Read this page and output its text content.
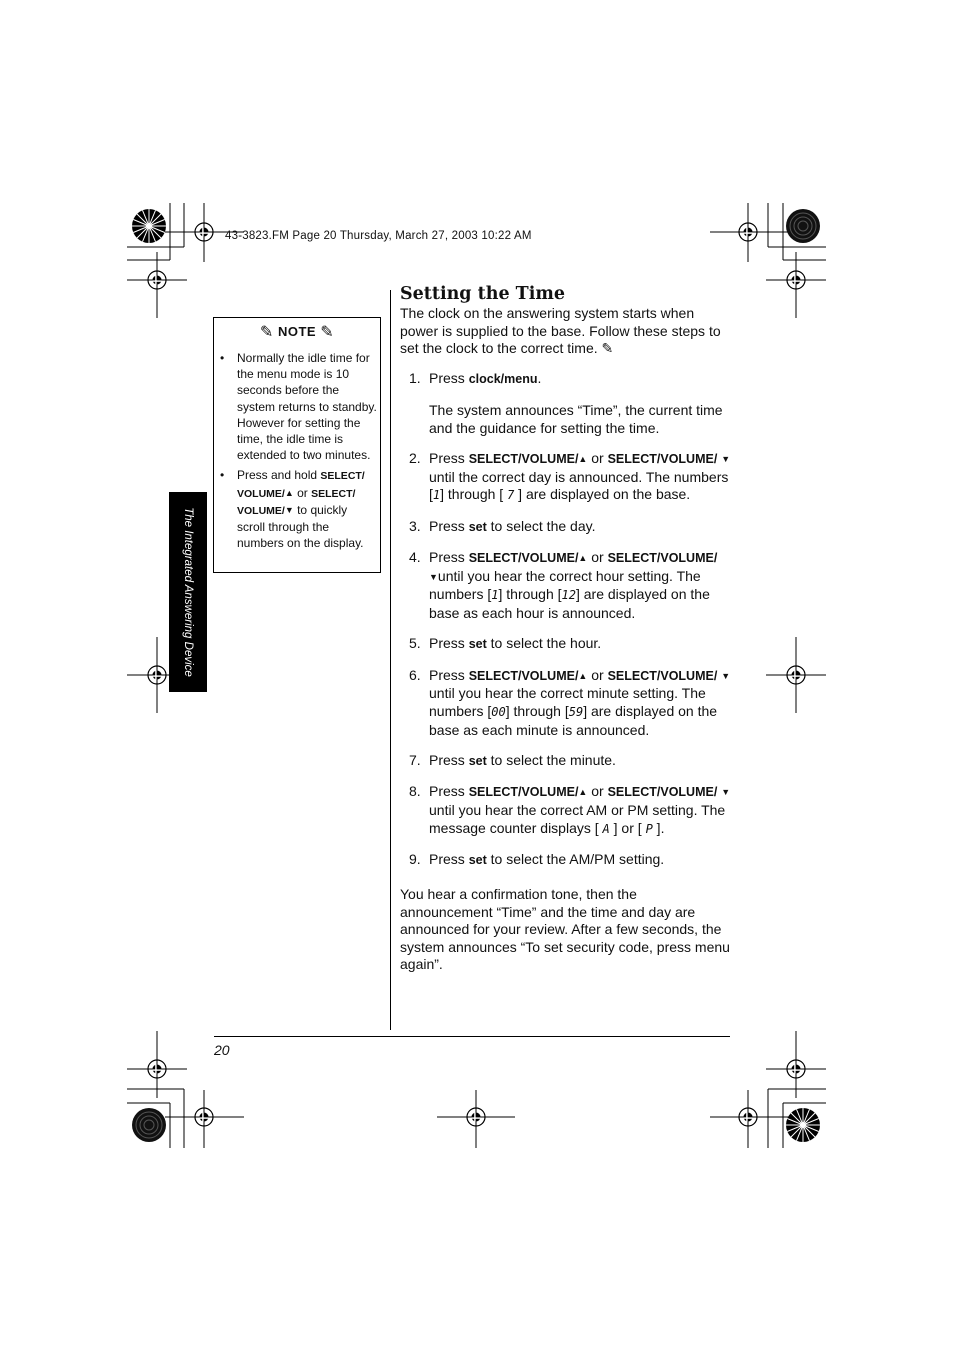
43-3823.FM Page 20 Thursday, March 27, 2003 10:22 AM
The Integrated Answering Device
✎ NOTE ✎
• Normally the idle time for the menu mode is 10 seconds before the system returns to standby. However for setting the time, the idle time is extended to two minutes.
• Press and hold SELECT/ VOLUME/▲ or SELECT/ VOLUME/▼ to quickly scroll through the numbers on the display.
Setting the Time
The clock on the answering system starts when power is supplied to the base. Follow these steps to set the clock to the correct time. ✎
1. Press clock/menu.

The system announces “Time”, the current time and the guidance for setting the time.

2. Press SELECT/VOLUME/▲ or SELECT/VOLUME/ ▼ until the correct day is announced. The numbers [1] through [ 7 ] are displayed on the base.

3. Press set to select the day.

4. Press SELECT/VOLUME/▲ or SELECT/VOLUME/ ▼until you hear the correct hour setting. The numbers [1] through [12] are displayed on the base as each hour is announced.

5. Press set to select the hour.

6. Press SELECT/VOLUME/▲ or SELECT/VOLUME/ ▼ until you hear the correct minute setting. The numbers [00] through [59] are displayed on the base as each minute is announced.

7. Press set to select the minute.

8. Press SELECT/VOLUME/▲ or SELECT/VOLUME/ ▼ until you hear the correct AM or PM setting. The message counter displays [ A ] or [ P ].

9. Press set to select the AM/PM setting.

You hear a confirmation tone, then the announcement “Time” and the time and day are announced for your review. After a few seconds, the system announces “To set security code, press menu again”.
20
